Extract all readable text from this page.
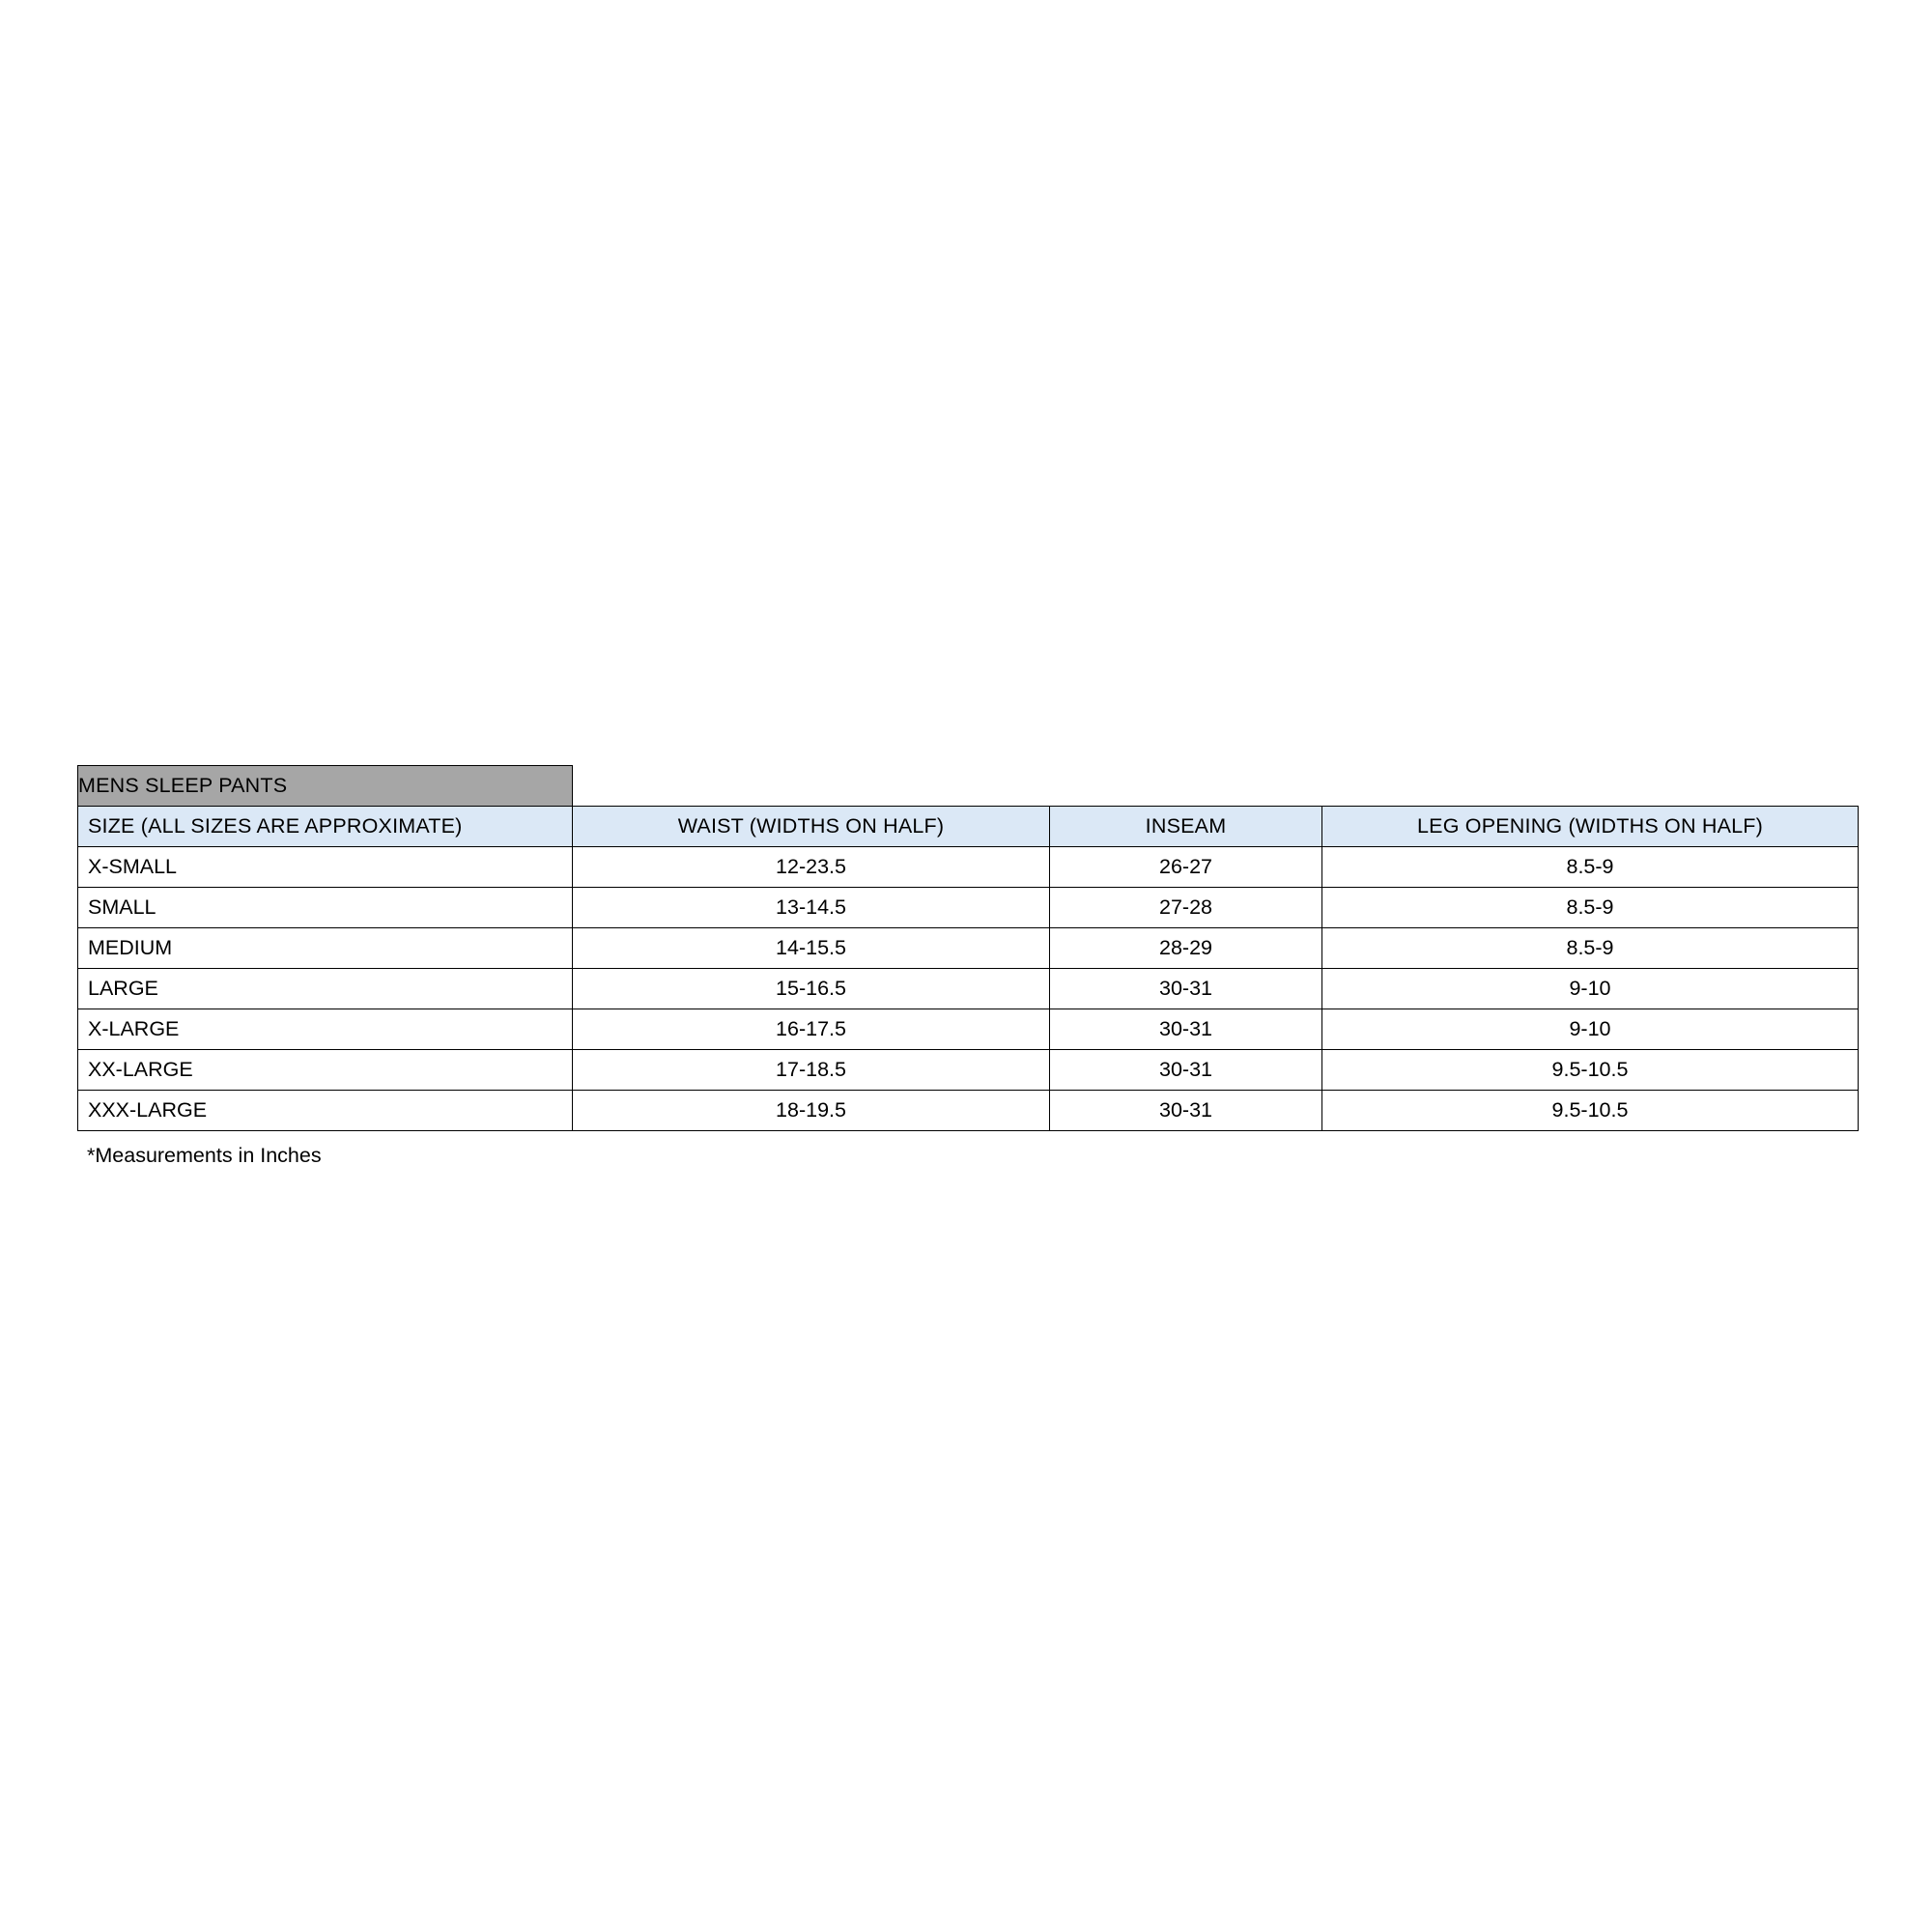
MENS SLEEP PANTS			
SIZE (ALL SIZES ARE APPROXIMATE)	WAIST (WIDTHS ON HALF)	INSEAM	LEG OPENING (WIDTHS ON HALF)
X-SMALL	12-23.5	26-27	8.5-9
SMALL	13-14.5	27-28	8.5-9
MEDIUM	14-15.5	28-29	8.5-9
LARGE	15-16.5	30-31	9-10
X-LARGE	16-17.5	30-31	9-10
XX-LARGE	17-18.5	30-31	9.5-10.5
XXX-LARGE	18-19.5	30-31	9.5-10.5
*Measurements in Inches
